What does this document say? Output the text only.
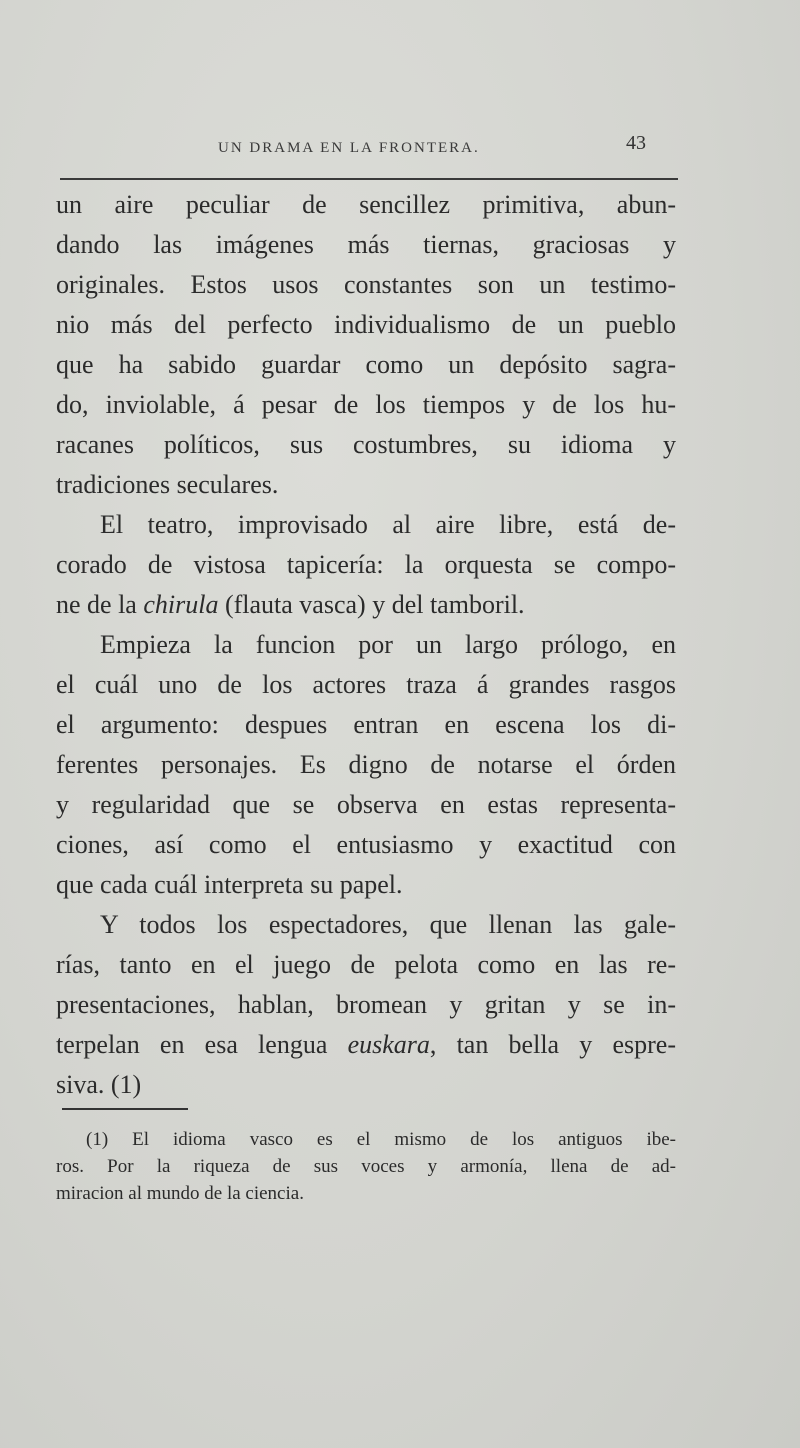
UN DRAMA EN LA FRONTERA.	43
un aire peculiar de sencillez primitiva, abun-
dando las imágenes más tiernas, graciosas y
originales. Estos usos constantes son un testimo-
nio más del perfecto individualismo de un pueblo
que ha sabido guardar como un depósito sagra-
do, inviolable, á pesar de los tiempos y de los hu-
racanes políticos, sus costumbres, su idioma y
tradiciones seculares.
El teatro, improvisado al aire libre, está de-
corado de vistosa tapicería: la orquesta se compo-
ne de la chirula (flauta vasca) y del tamboril.
Empieza la funcion por un largo prólogo, en
el cuál uno de los actores traza á grandes rasgos
el argumento: despues entran en escena los di-
ferentes personajes. Es digno de notarse el órden
y regularidad que se observa en estas representa-
ciones, así como el entusiasmo y exactitud con
que cada cuál interpreta su papel.
Y todos los espectadores, que llenan las gale-
rías, tanto en el juego de pelota como en las re-
presentaciones, hablan, bromean y gritan y se in-
terpelan en esa lengua euskara, tan bella y espre-
siva. (1)
(1) El idioma vasco es el mismo de los antiguos ibe-
ros. Por la riqueza de sus voces y armonía, llena de ad-
miracion al mundo de la ciencia.
